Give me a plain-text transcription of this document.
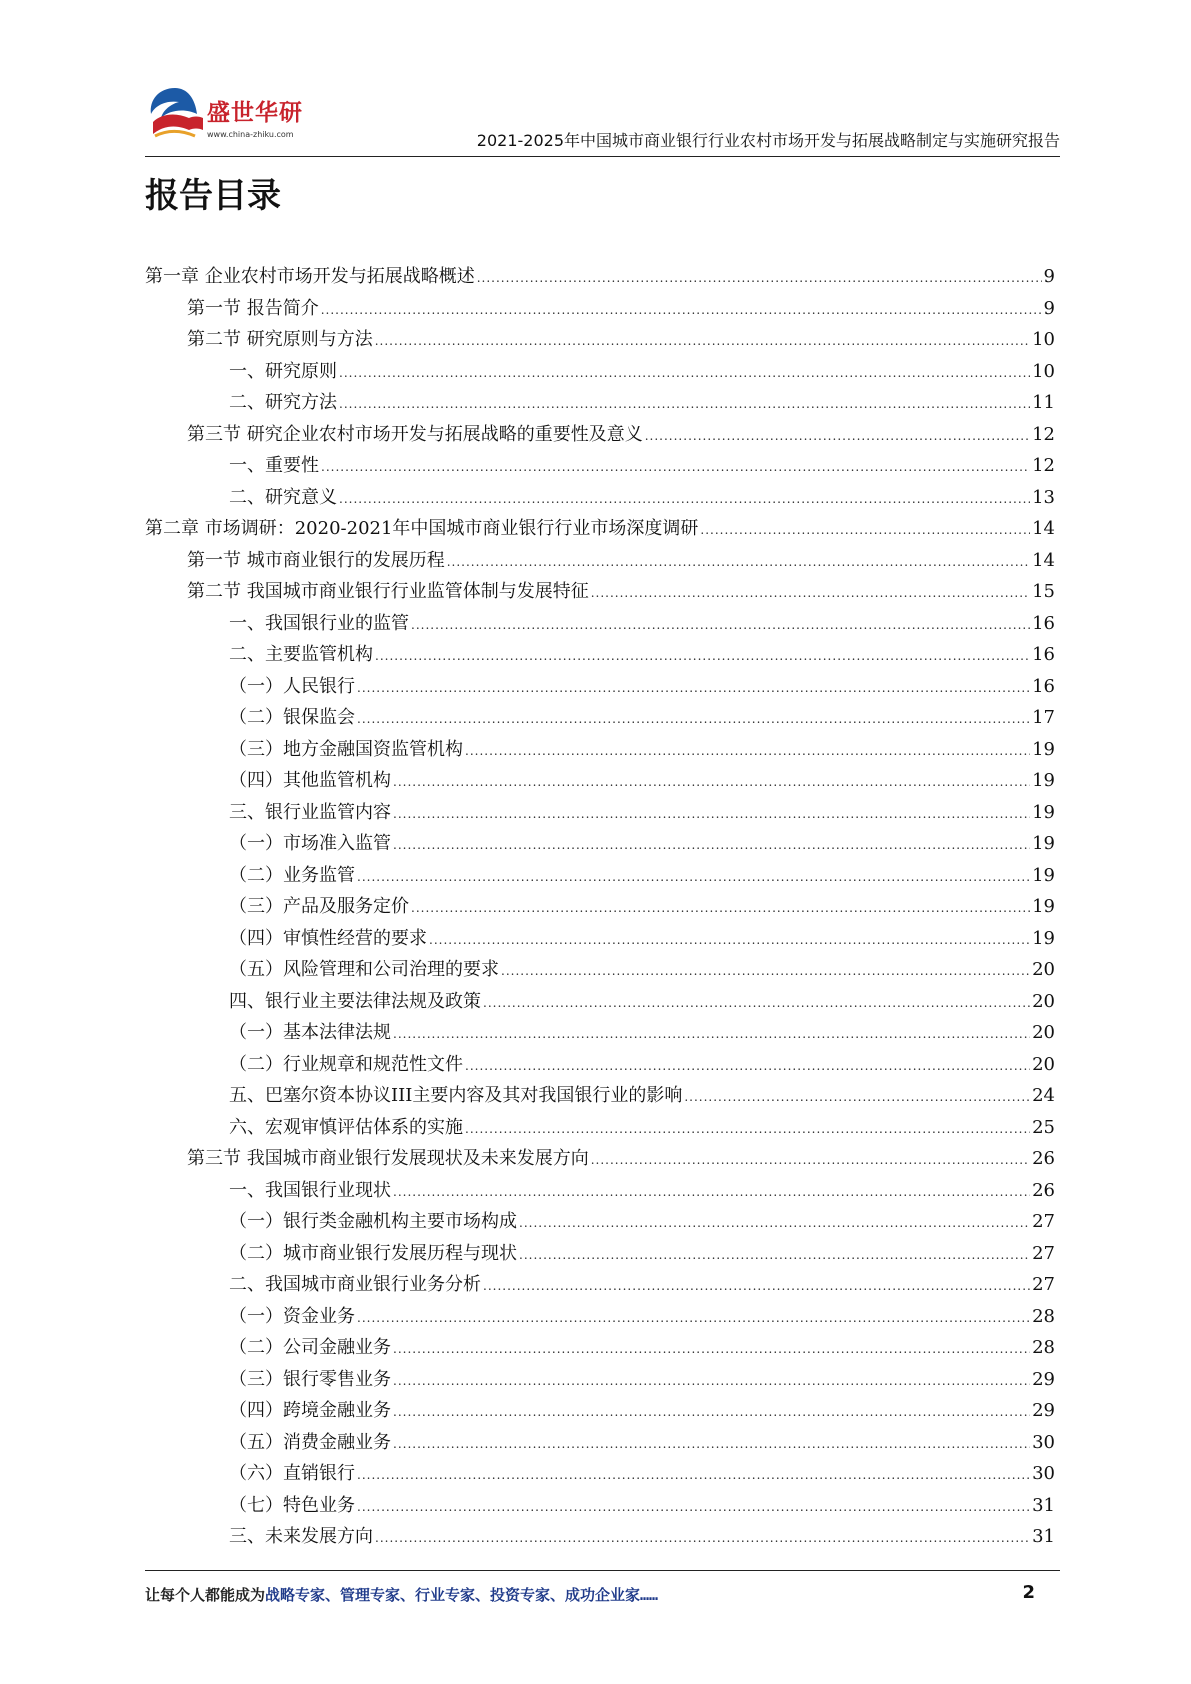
盛世华研
www.china-zhiku.com	2021-2025年中国城市商业银行行业农村市场开发与拓展战略制定与实施研究报告
报告目录
第一章 企业农村市场开发与拓展战略概述 .....	9
第一节 报告简介 .....	9
第二节 研究原则与方法 .....	10
一、研究原则 .....	10
二、研究方法 .....	11
第三节 研究企业农村市场开发与拓展战略的重要性及意义 .....	12
一、重要性 .....	12
二、研究意义 .....	13
第二章 市场调研：2020-2021年中国城市商业银行行业市场深度调研 .....	14
第一节 城市商业银行的发展历程 .....	14
第二节 我国城市商业银行行业监管体制与发展特征 .....	15
一、我国银行业的监管 .....	16
二、主要监管机构 .....	16
（一）人民银行 .....	16
（二）银保监会 .....	17
（三）地方金融国资监管机构 .....	19
（四）其他监管机构 .....	19
三、银行业监管内容 .....	19
（一）市场准入监管 .....	19
（二）业务监管 .....	19
（三）产品及服务定价 .....	19
（四）审慎性经营的要求 .....	19
（五）风险管理和公司治理的要求 .....	20
四、银行业主要法律法规及政策 .....	20
（一）基本法律法规 .....	20
（二）行业规章和规范性文件 .....	20
五、巴塞尔资本协议III主要内容及其对我国银行业的影响 .....	24
六、宏观审慎评估体系的实施 .....	25
第三节 我国城市商业银行发展现状及未来发展方向 .....	26
一、我国银行业现状 .....	26
（一）银行类金融机构主要市场构成 .....	27
（二）城市商业银行发展历程与现状 .....	27
二、我国城市商业银行业务分析 .....	27
（一）资金业务 .....	28
（二）公司金融业务 .....	28
（三）银行零售业务 .....	29
（四）跨境金融业务 .....	29
（五）消费金融业务 .....	30
（六）直销银行 .....	30
（七）特色业务 .....	31
三、未来发展方向 .....	31
让每个人都能成为战略专家、管理专家、行业专家、投资专家、成功企业家……	2
